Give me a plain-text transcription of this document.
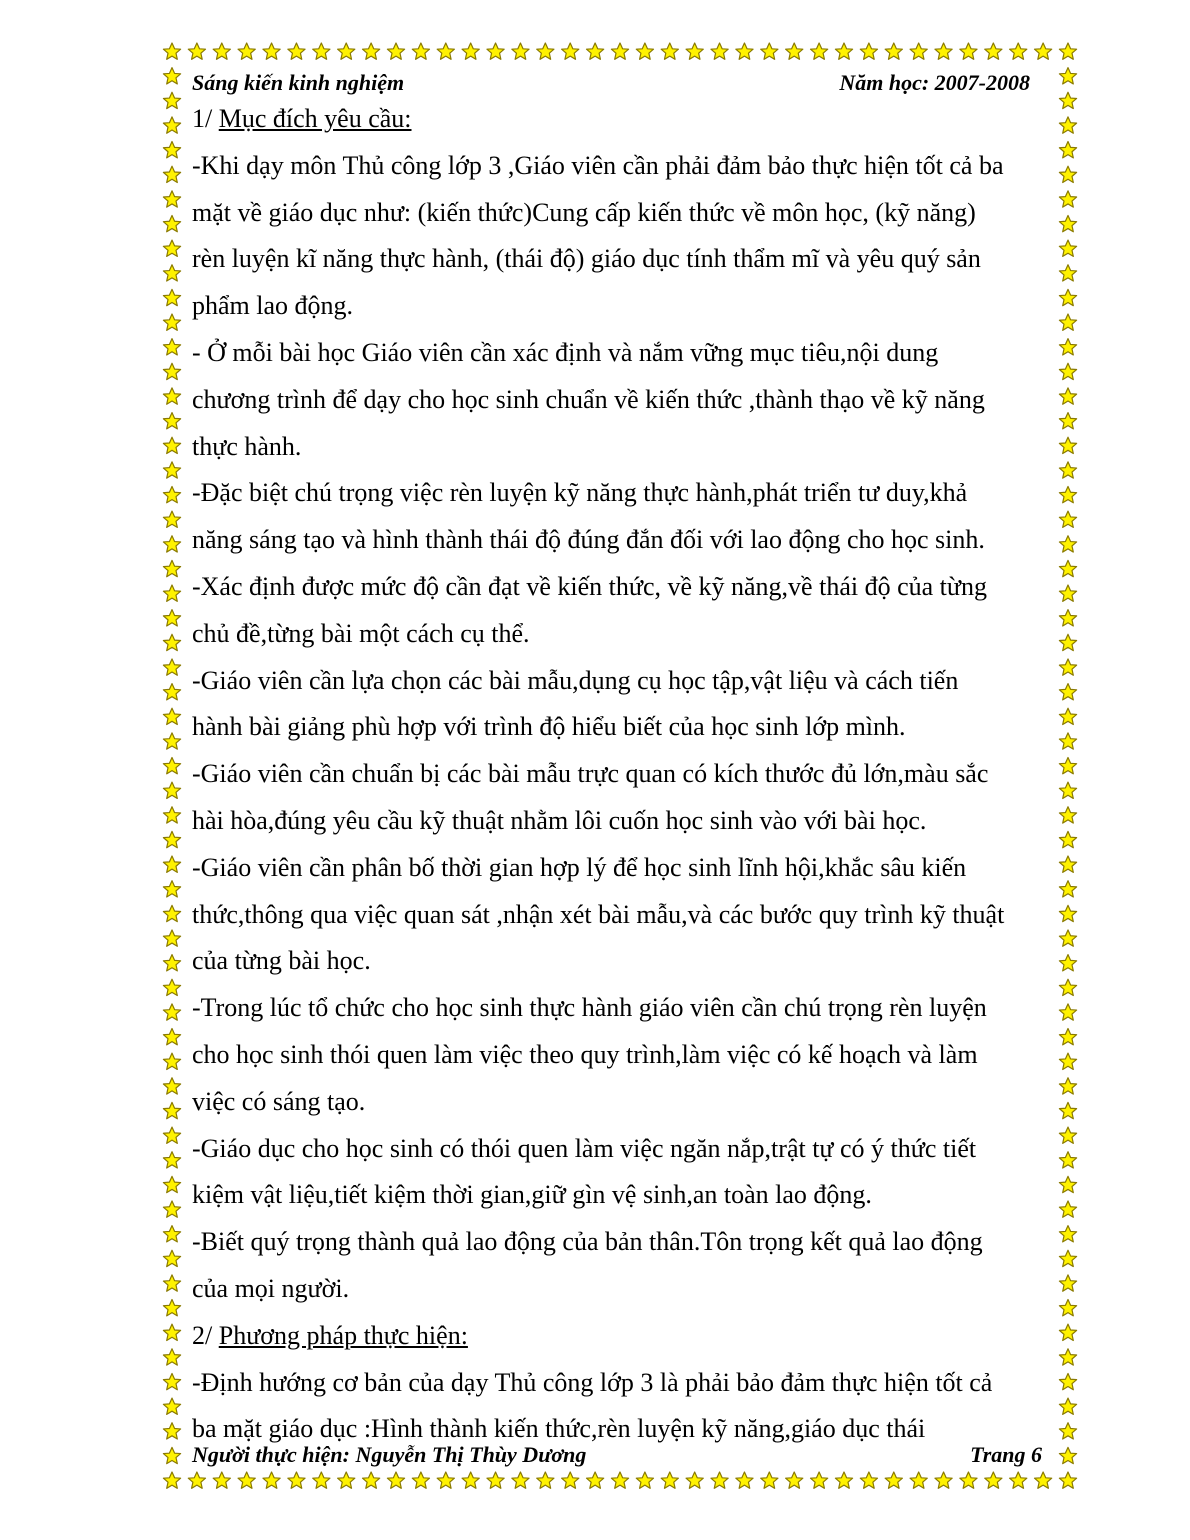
Sáng kiến kinh nghiệm	Năm học: 2007-2008

1/ Mục đích yêu cầu:

-Khi dạy môn Thủ công lớp 3 ,Giáo viên cần phải đảm bảo thực hiện tốt cả ba

mặt về giáo dục như: (kiến thức)Cung cấp kiến thức về môn học, (kỹ năng)

rèn luyện kĩ năng thực hành, (thái độ) giáo dục tính thẩm mĩ và yêu quý sản

phẩm lao động.

- Ở mỗi bài học Giáo viên cần xác định và nắm vững mục tiêu,nội dung

chương trình để dạy cho học sinh chuẩn về kiến thức ,thành thạo về kỹ năng

thực hành.

-Đặc biệt chú trọng việc rèn luyện kỹ năng thực hành,phát triển tư duy,khả

năng sáng tạo và hình thành thái độ đúng đắn đối với lao động cho học sinh.

-Xác định được mức độ cần đạt về kiến thức, về kỹ năng,về thái độ của từng

chủ đề,từng bài một cách cụ thể.

-Giáo viên cần lựa chọn các bài mẫu,dụng cụ học tập,vật liệu và cách tiến

hành bài giảng phù hợp với trình độ hiểu biết của học sinh lớp mình.

-Giáo viên cần chuẩn bị các bài mẫu trực quan có kích thước đủ lớn,màu sắc

hài hòa,đúng yêu cầu kỹ thuật nhằm lôi cuốn học sinh vào với bài học.

-Giáo viên cần phân bố thời gian hợp lý để học sinh lĩnh hội,khắc sâu kiến

thức,thông qua việc quan sát ,nhận xét bài mẫu,và các bước quy trình kỹ thuật

của từng bài học.

-Trong lúc tổ chức cho học sinh thực hành giáo viên cần chú trọng rèn luyện

cho học sinh thói quen làm việc theo quy trình,làm việc có kế hoạch và làm

việc có sáng tạo.

-Giáo dục cho học sinh có thói quen làm việc ngăn nắp,trật tự có ý thức tiết

kiệm vật liệu,tiết kiệm thời gian,giữ gìn vệ sinh,an toàn lao động.

-Biết quý trọng thành quả lao động của bản thân.Tôn trọng kết quả lao động

của mọi người.

2/ Phương pháp thực hiện:

-Định hướng cơ bản của dạy Thủ công lớp 3 là phải bảo đảm thực hiện tốt cả

ba mặt giáo dục :Hình thành kiến thức,rèn luyện kỹ năng,giáo dục thái

Người thực hiện: Nguyễn Thị Thùy Dương	Trang 6
